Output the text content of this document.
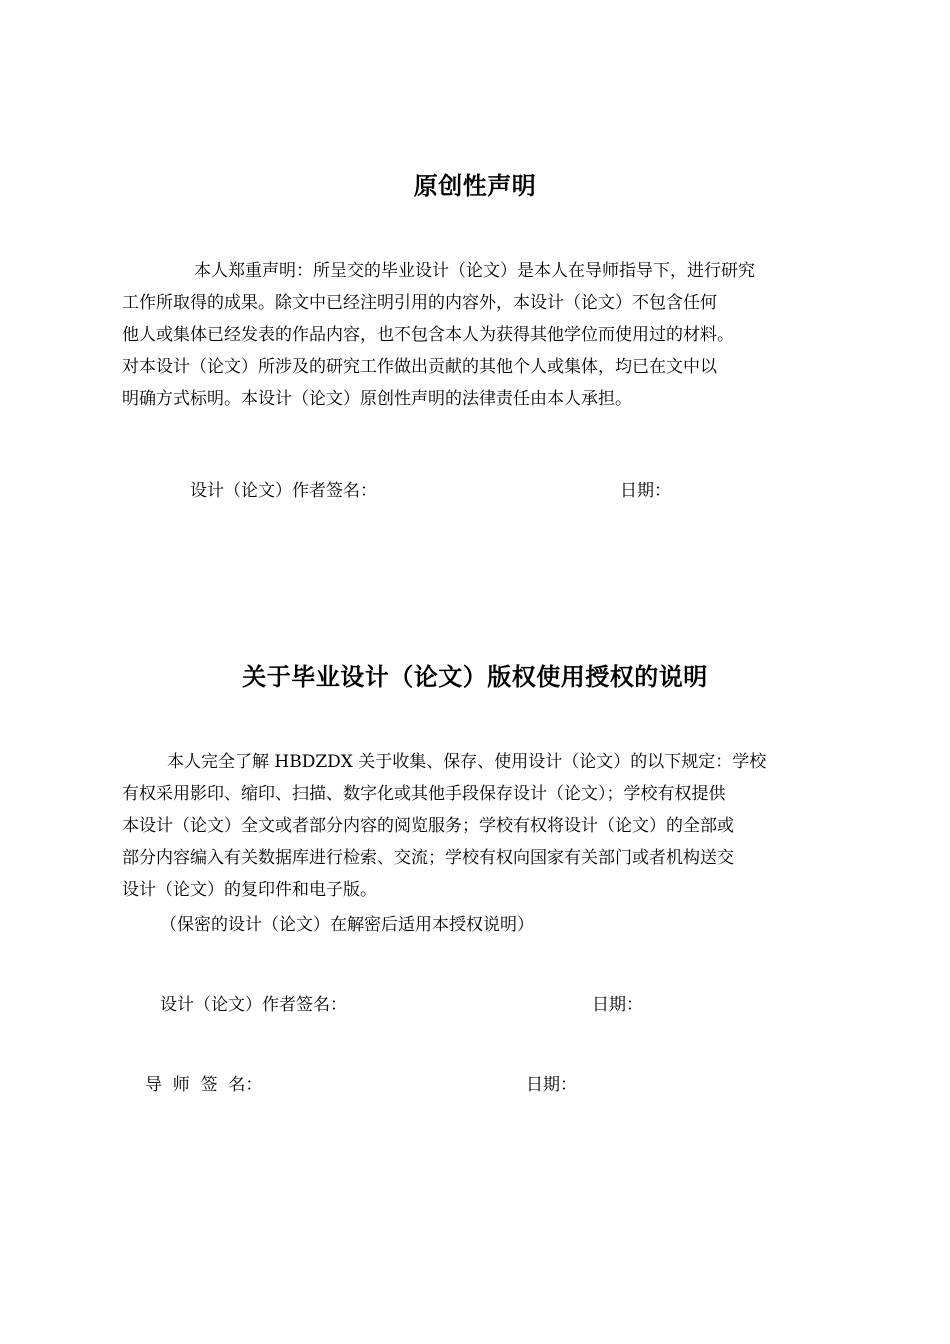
原创性声明
本人郑重声明：所呈交的毕业设计（论文）是本人在导师指导下，进行研究
工作所取得的成果。除文中已经注明引用的内容外，本设计（论文）不包含任何
他人或集体已经发表的作品内容，也不包含本人为获得其他学位而使用过的材料。
对本设计（论文）所涉及的研究工作做出贡献的其他个人或集体，均已在文中以
明确方式标明。本设计（论文）原创性声明的法律责任由本人承担。
设计（论文）作者签名：	日期：
关于毕业设计（论文）版权使用授权的说明
本人完全了解 HBDZDX 关于收集、保存、使用设计（论文）的以下规定：学校
有权采用影印、缩印、扫描、数字化或其他手段保存设计（论文）；学校有权提供
本设计（论文）全文或者部分内容的阅览服务；学校有权将设计（论文）的全部或
部分内容编入有关数据库进行检索、交流；学校有权向国家有关部门或者机构送交
设计（论文）的复印件和电子版。
（保密的设计（论文）在解密后适用本授权说明）
设计（论文）作者签名：	日期：
导  师  签  名：	日期：
